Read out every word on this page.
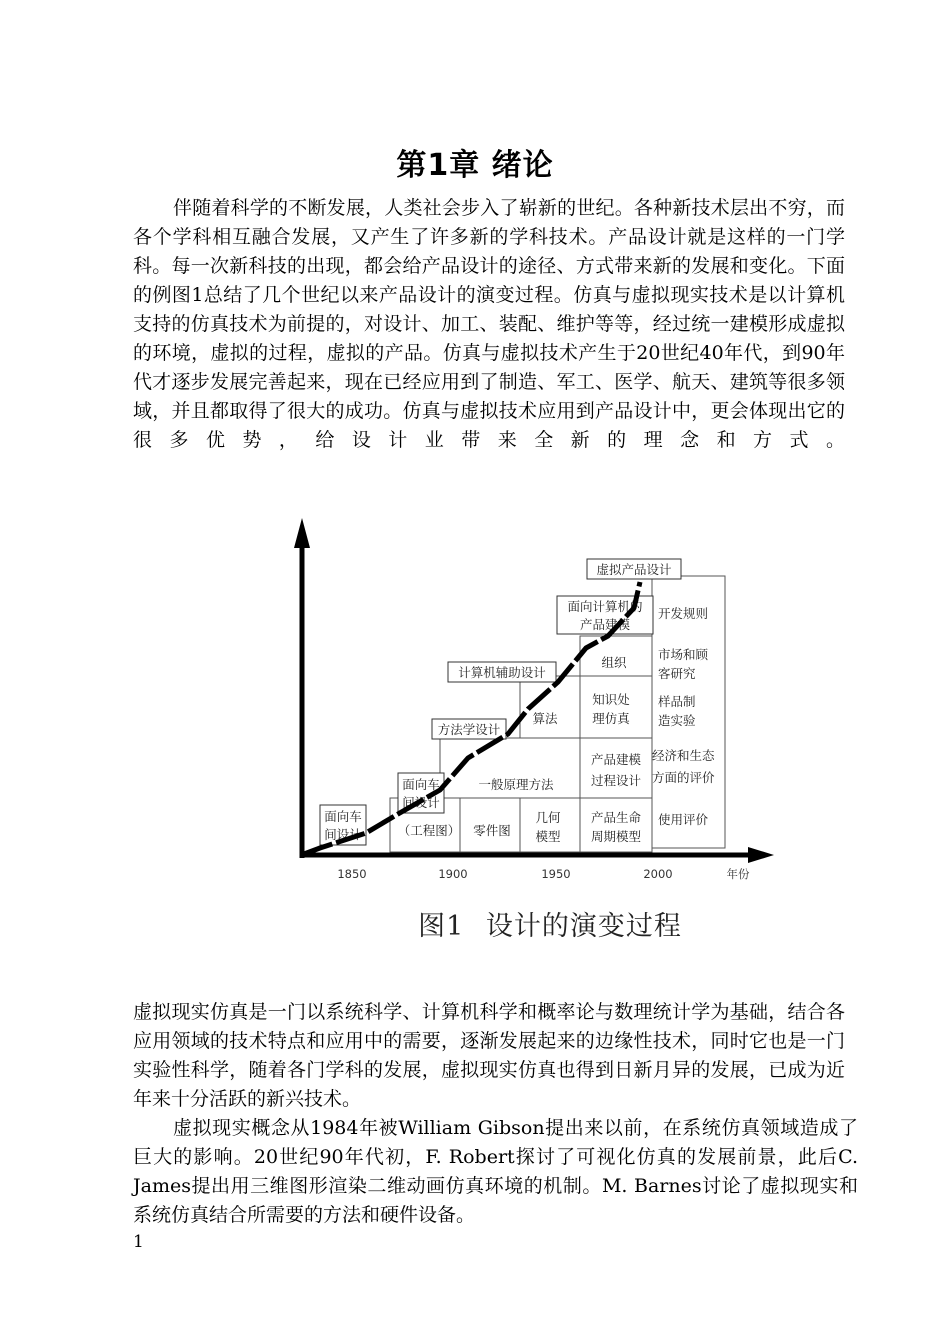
第1章 绪论

伴随着科学的不断发展，人类社会步入了崭新的世纪。各种新技术层出不穷，而各个学科相互融合发展，又产生了许多新的学科技术。产品设计就是这样的一门学科。每一次新科技的出现，都会给产品设计的途径、方式带来新的发展和变化。下面的例图1总结了几个世纪以来产品设计的演变过程。仿真与虚拟现实技术是以计算机支持的仿真技术为前提的，对设计、加工、装配、维护等等，经过统一建模形成虚拟的环境，虚拟的过程，虚拟的产品。仿真与虚拟技术产生于20世纪40年代，到90年代才逐步发展完善起来，现在已经应用到了制造、军工、医学、航天、建筑等很多领域，并且都取得了很大的成功。仿真与虚拟技术应用到产品设计中，更会体现出它的很多优势，给设计业带来全新的理念和方式。

面向车
间设计
面向车
间设计
方法学设计
计算机辅助设计
面向计算机的
产品建模
虚拟产品设计
（工程图） 零件图
几何
模型
产品生命
周期模型
一般原理方法
产品建模
过程设计
算法
知识处
理仿真
组织
开发规则
市场和顾
客研究
样品制
造实验
经济和生态
方面的评价
使用评价
1850	1900	1950	2000	年份
图1 设计的演变过程

虚拟现实仿真是一门以系统科学、计算机科学和概率论与数理统计学为基础，结合各应用领域的技术特点和应用中的需要，逐渐发展起来的边缘性技术，同时它也是一门实验性科学，随着各门学科的发展，虚拟现实仿真也得到日新月异的发展，已成为近年来十分活跃的新兴技术。

虚拟现实概念从1984年被William Gibson提出来以前，在系统仿真领域造成了巨大的影响。20世纪90年代初，F. Robert探讨了可视化仿真的发展前景，此后C. James提出用三维图形渲染二维动画仿真环境的机制。M. Barnes讨论了虚拟现实和系统仿真结合所需要的方法和硬件设备。

1
